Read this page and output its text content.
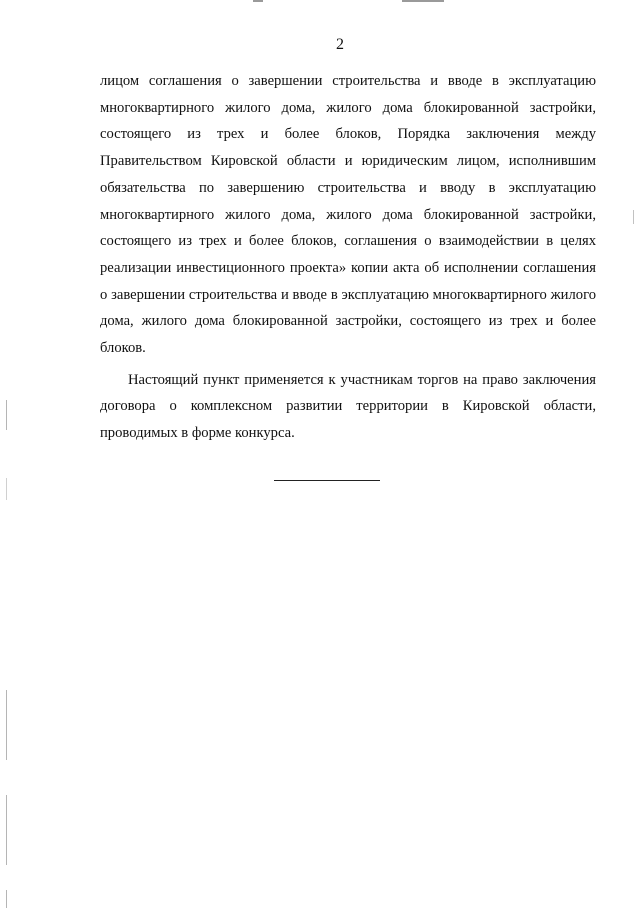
2

лицом соглашения о завершении строительства и вводе в эксплуатацию многоквартирного жилого дома, жилого дома блокированной застройки, состоящего из трех и более блоков, Порядка заключения между Правительством Кировской области и юридическим лицом, исполнившим обязательства по завершению строительства и вводу в эксплуатацию многоквартирного жилого дома, жилого дома блокированной застройки, состоящего из трех и более блоков, соглашения о взаимодействии в целях реализации инвестиционного проекта» копии акта об исполнении соглашения о завершении строительства и вводе в эксплуатацию многоквартирного жилого дома, жилого дома блокированной застройки, состоящего из трех и более блоков.

Настоящий пункт применяется к участникам торгов на право заключения договора о комплексном развитии территории в Кировской области, проводимых в форме конкурса.
